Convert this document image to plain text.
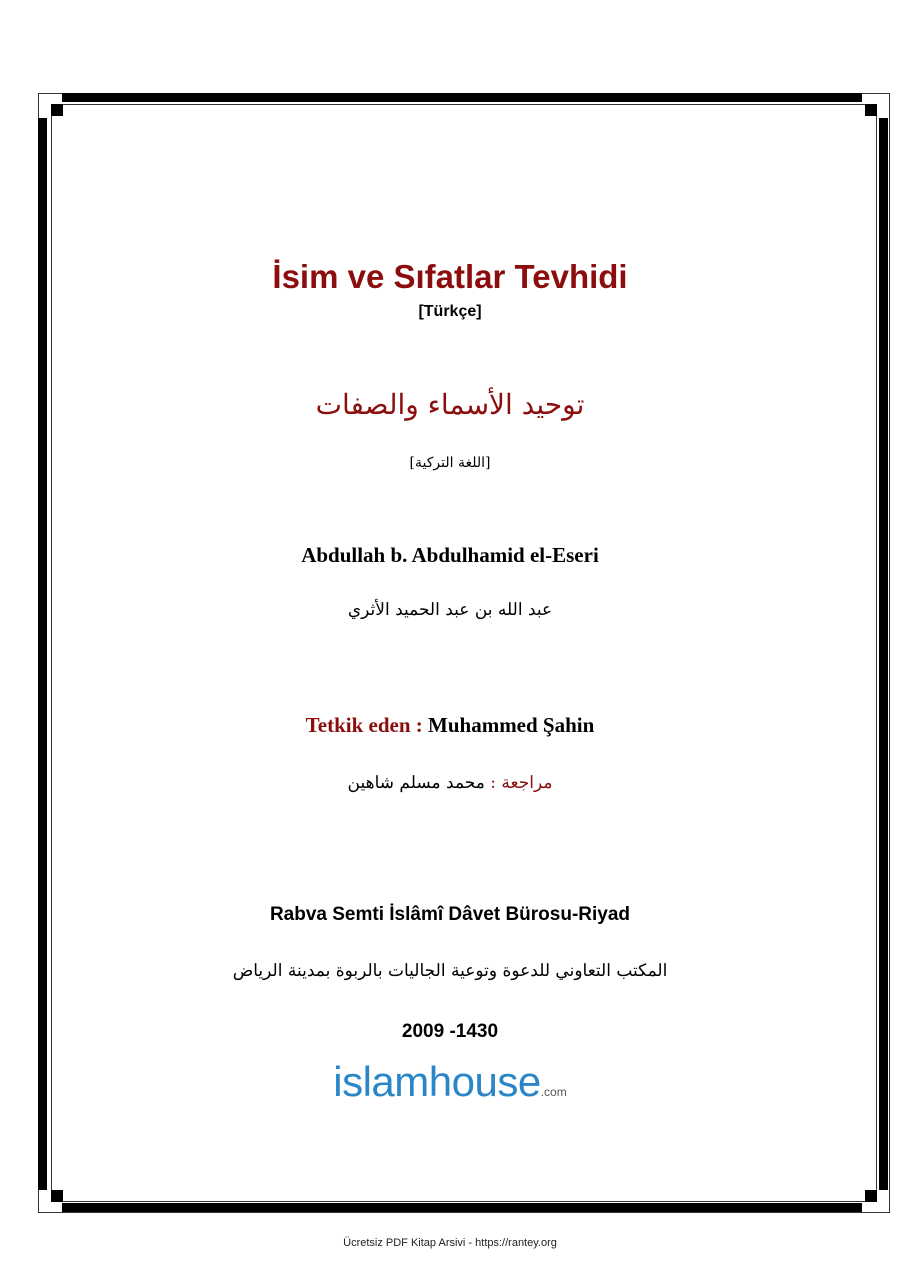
İsim ve Sıfatlar Tevhidi
[Türkçe]
توحيد الأسماء والصفات
[اللغة التركية]
Abdullah b. Abdulhamid el-Eseri
عبد الله بن عبد الحميد الأثري
Tetkik eden : Muhammed Şahin
مراجعة : محمد مسلم شاهين
Rabva Semti İslâmî Dâvet Bürosu-Riyad
المكتب التعاوني للدعوة وتوعية الجاليات بالربوة بمدينة الرياض
2009 -1430
islamhouse.com
Ücretsiz PDF Kitap Arsivi - https://rantey.org
